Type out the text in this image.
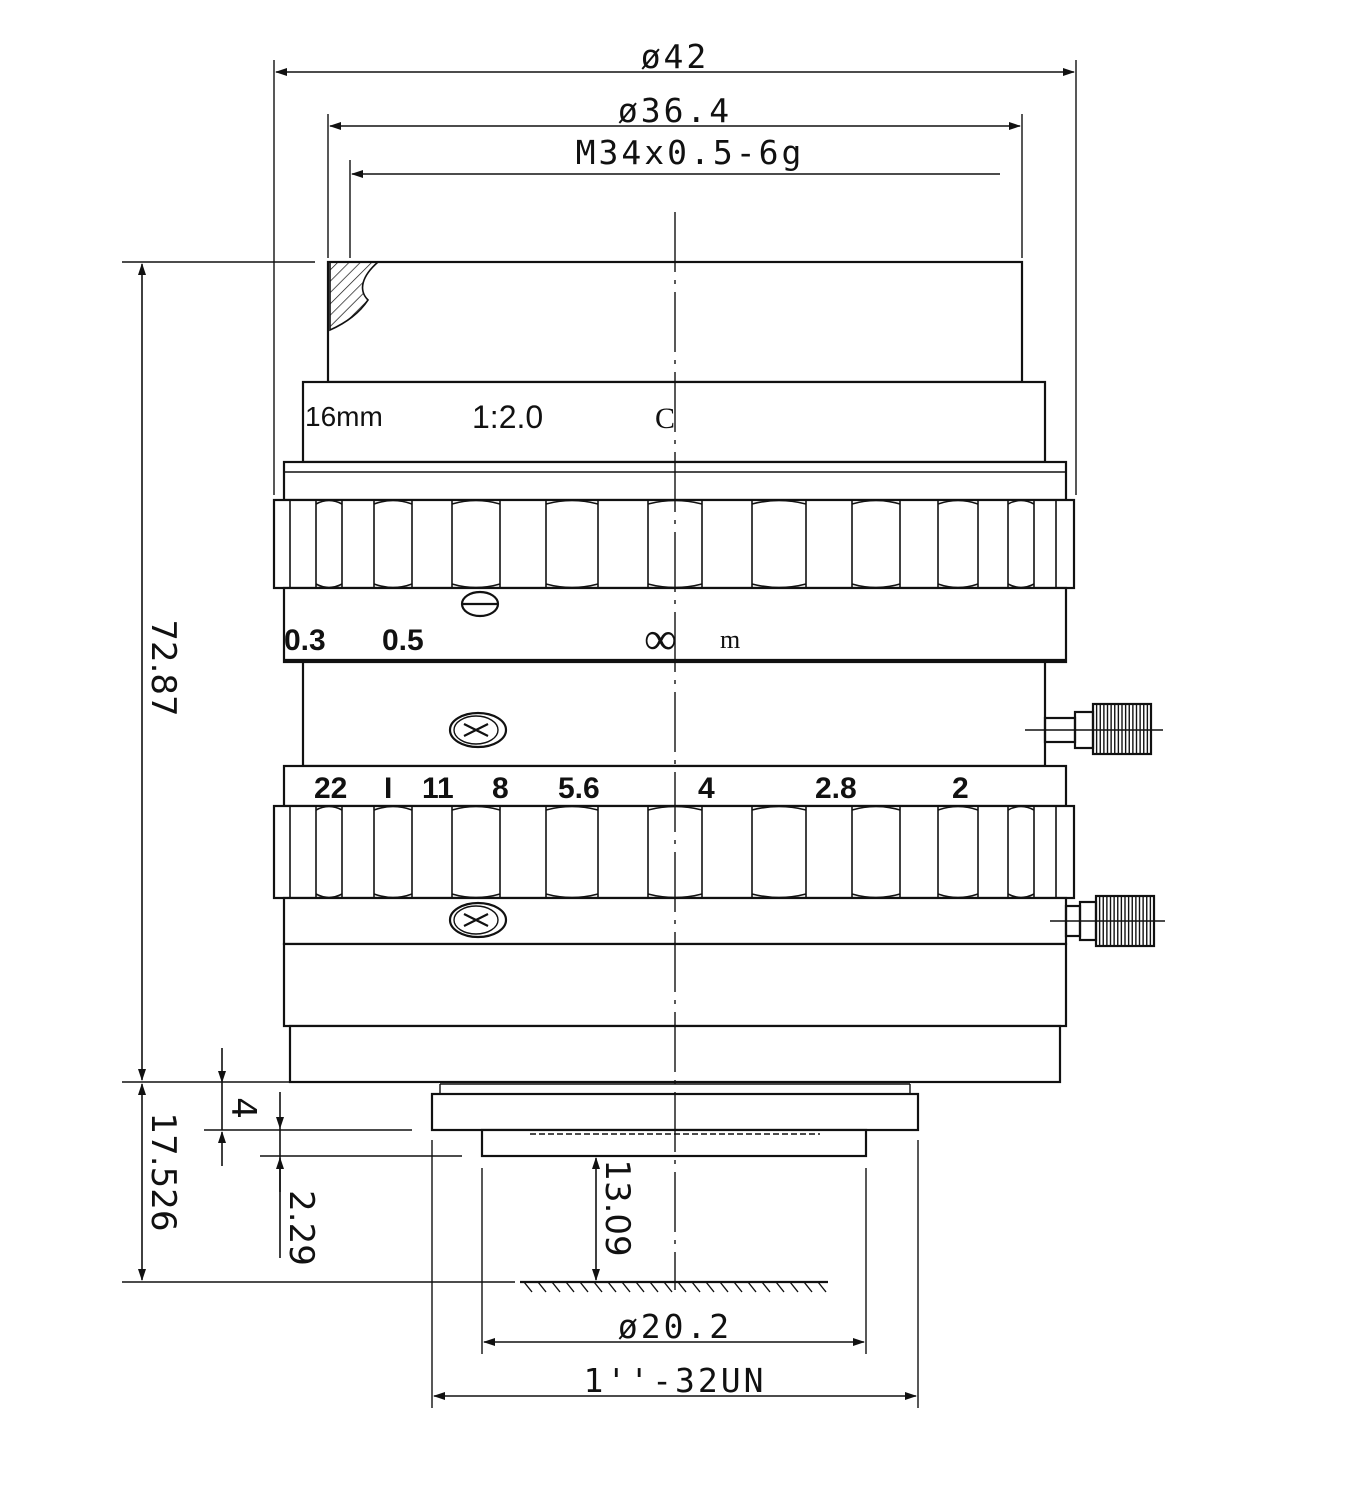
16mm	1:2.0	C
0.3 0.5	∞ m
22 I 11 8 5.6	4	2.8	2
ø42
ø36.4
M34x0.5-6g
72.87
17.526
4
2.29	13.09
ø20.2
1''-32UN
